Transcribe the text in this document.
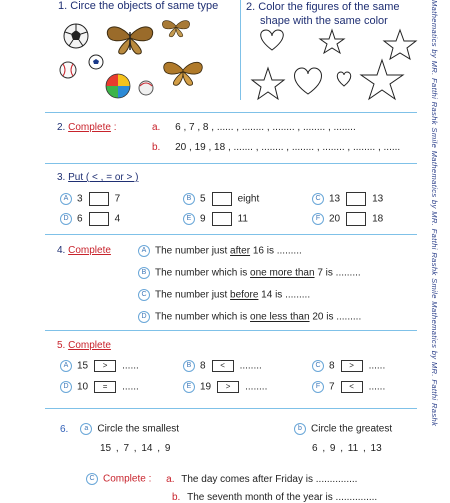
1. Circe the objects of same type	2. Color the figures of the same
shape with the same color
2. Complete :	a. 6 , 7 , 8 , ...... , ........ , ........ , ........ , ........
b. 20 , 19 , 18 , ....... , ........ , ........ , ........ , ........ , ......
3. Put ( < , = or > )
A 3	7	B 5	eight	C 13	13
D 6	4	E 9	11	F 20	18
4. Complete	A The number just after 16 is .........
B The number which is one more than 7 is .........
C The number just before 14 is .........
D The number which is one less than 20 is .........
5. Complete
A 15 > ......	B 8 < ........	C 8 > ......
D 10 = ......	E 19 > ........	F 7 < ......
6. a Circle the smallest	b Circle the greatest
15 , 7 , 14 , 9	6 , 9 , 11 , 13
C Complete : a. The day comes after Friday is ...............
b. The seventh month of the year is ...............
Mathematics by MR. Fatthi Rashk Smile Mathematics by MR. Fatthi Rashk Smile Mathematics by MR. Fatthi Rashk
